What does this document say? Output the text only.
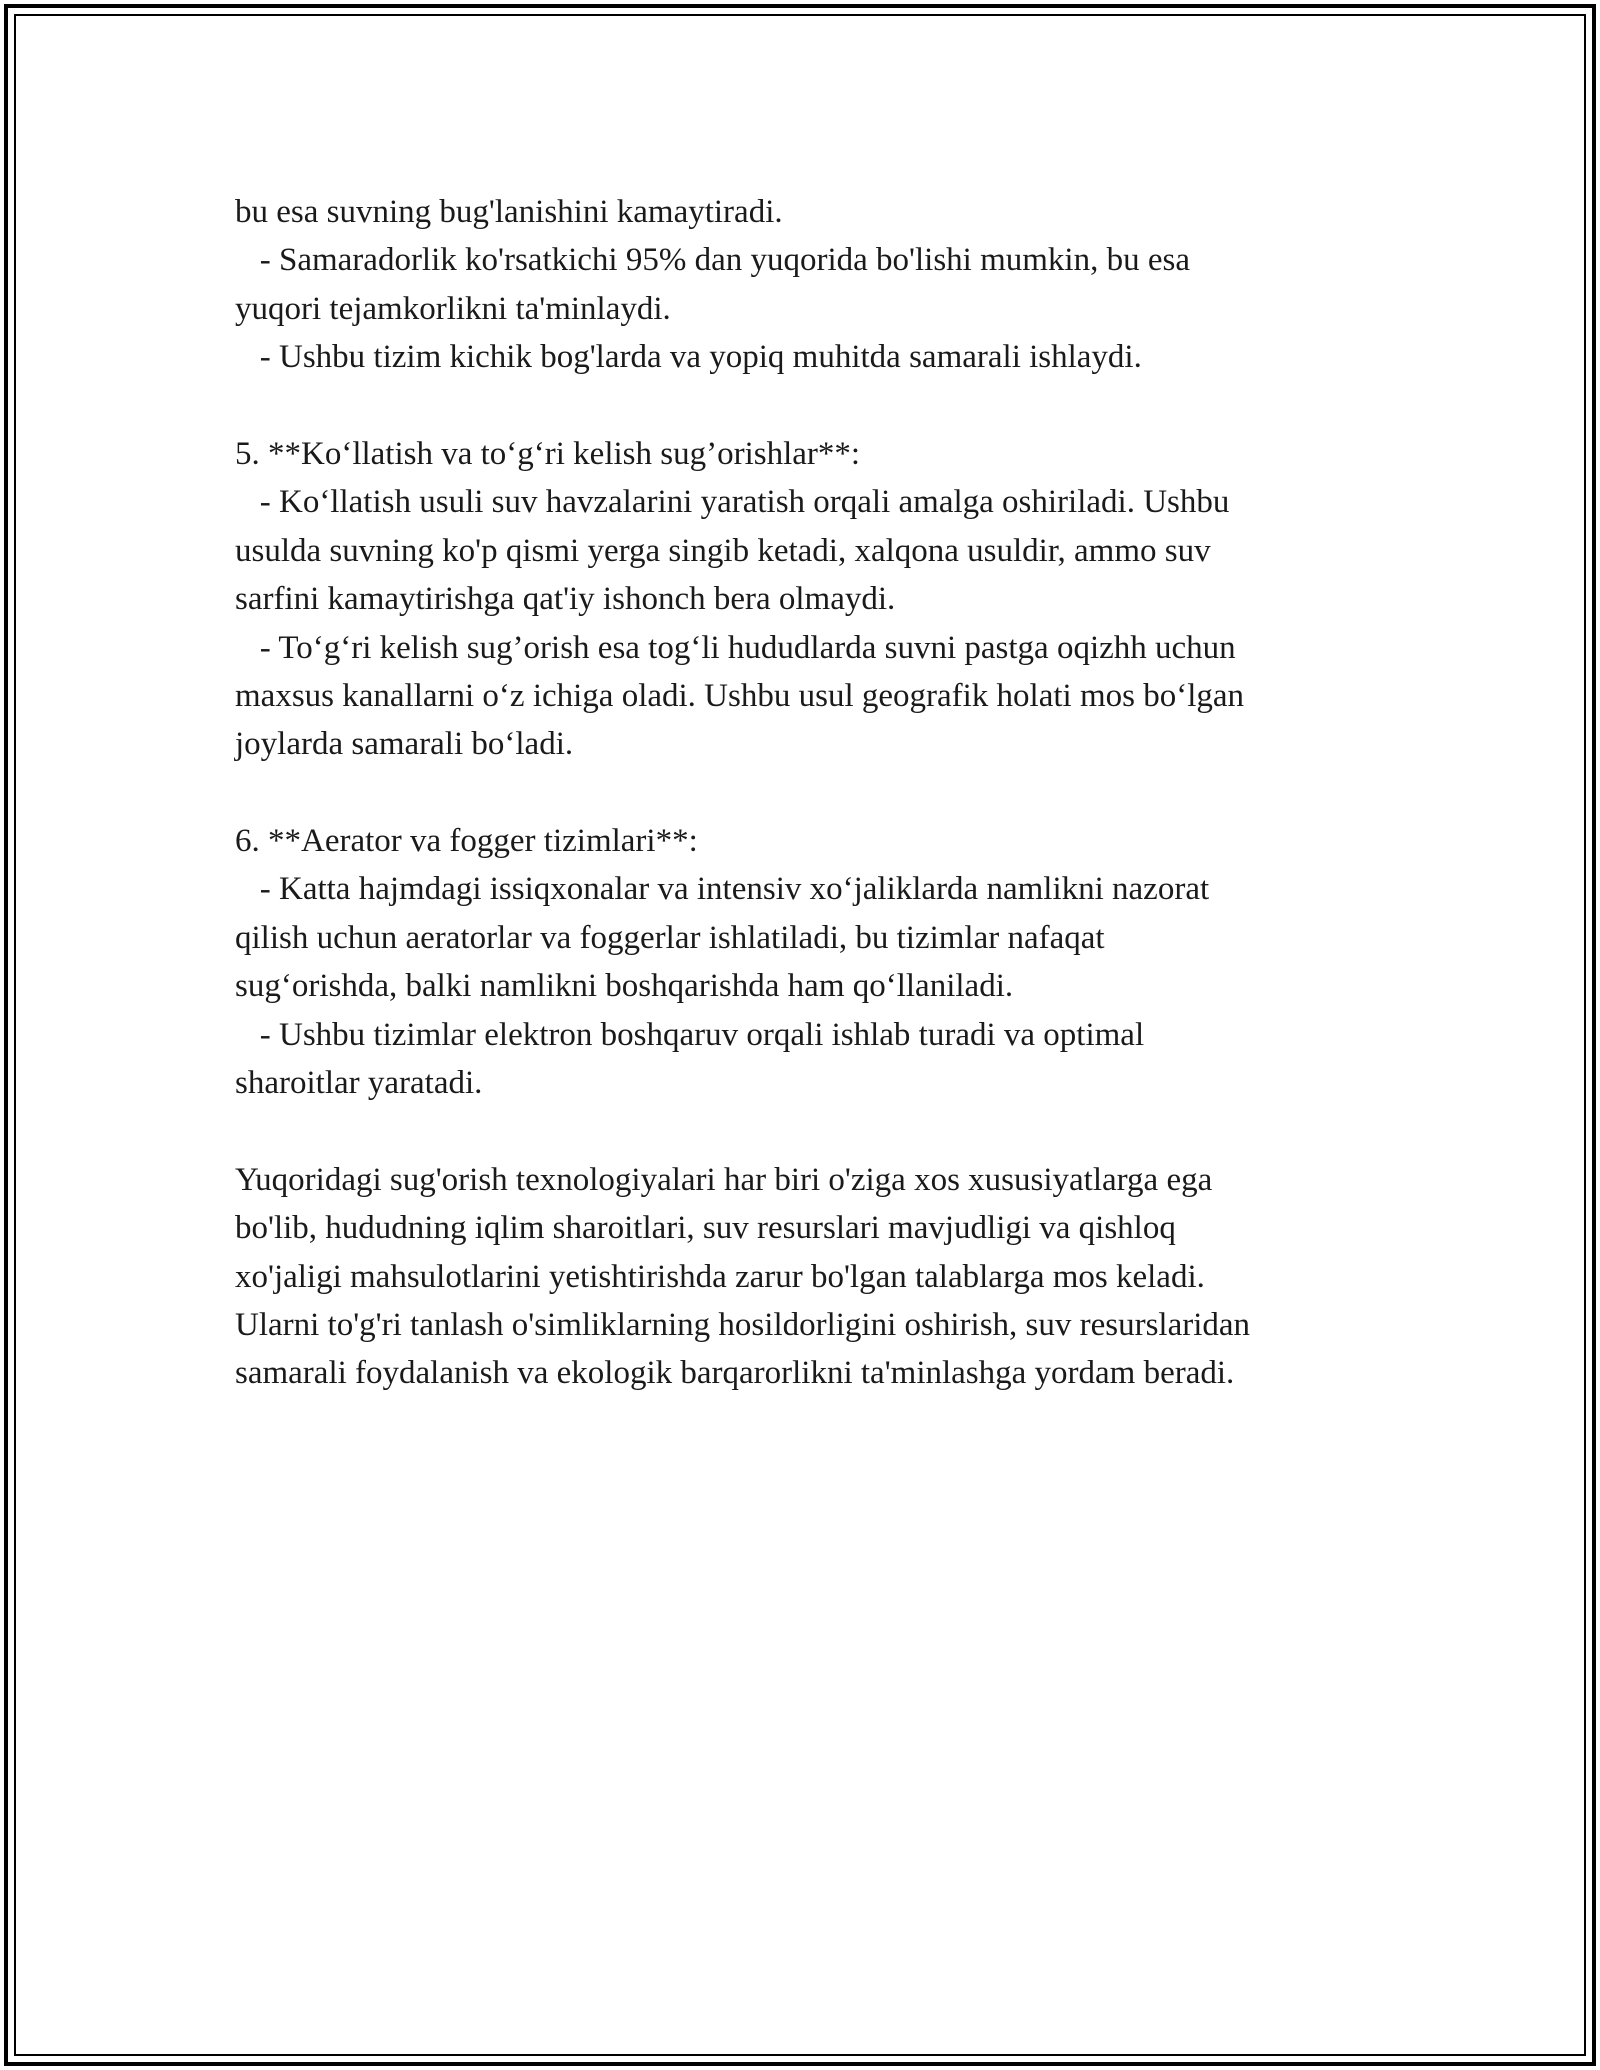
bu esa suvning bug'lanishini kamaytiradi.
- Samaradorlik ko'rsatkichi 95% dan yuqorida bo'lishi mumkin, bu esa
yuqori tejamkorlikni ta'minlaydi.
- Ushbu tizim kichik bog'larda va yopiq muhitda samarali ishlaydi.
5. **Koʻllatish va toʻgʻri kelish sug’orishlar**:
- Koʻllatish usuli suv havzalarini yaratish orqali amalga oshiriladi. Ushbu
usulda suvning ko'p qismi yerga singib ketadi, xalqona usuldir, ammo suv
sarfini kamaytirishga qat'iy ishonch bera olmaydi.
- Toʻgʻri kelish sug’orish esa togʻli hududlarda suvni pastga oqizhh uchun
maxsus kanallarni oʻz ichiga oladi. Ushbu usul geografik holati mos boʻlgan
joylarda samarali boʻladi.
6. **Aerator va fogger tizimlari**:
- Katta hajmdagi issiqxonalar va intensiv xoʻjaliklarda namlikni nazorat
qilish uchun aeratorlar va foggerlar ishlatiladi, bu tizimlar nafaqat
sugʻorishda, balki namlikni boshqarishda ham qoʻllaniladi.
- Ushbu tizimlar elektron boshqaruv orqali ishlab turadi va optimal
sharoitlar yaratadi.
Yuqoridagi sug'orish texnologiyalari har biri o'ziga xos xususiyatlarga ega
bo'lib, hududning iqlim sharoitlari, suv resurslari mavjudligi va qishloq
xo'jaligi mahsulotlarini yetishtirishda zarur bo'lgan talablarga mos keladi.
Ularni to'g'ri tanlash o'simliklarning hosildorligini oshirish, suv resurslaridan
samarali foydalanish va ekologik barqarorlikni ta'minlashga yordam beradi.
